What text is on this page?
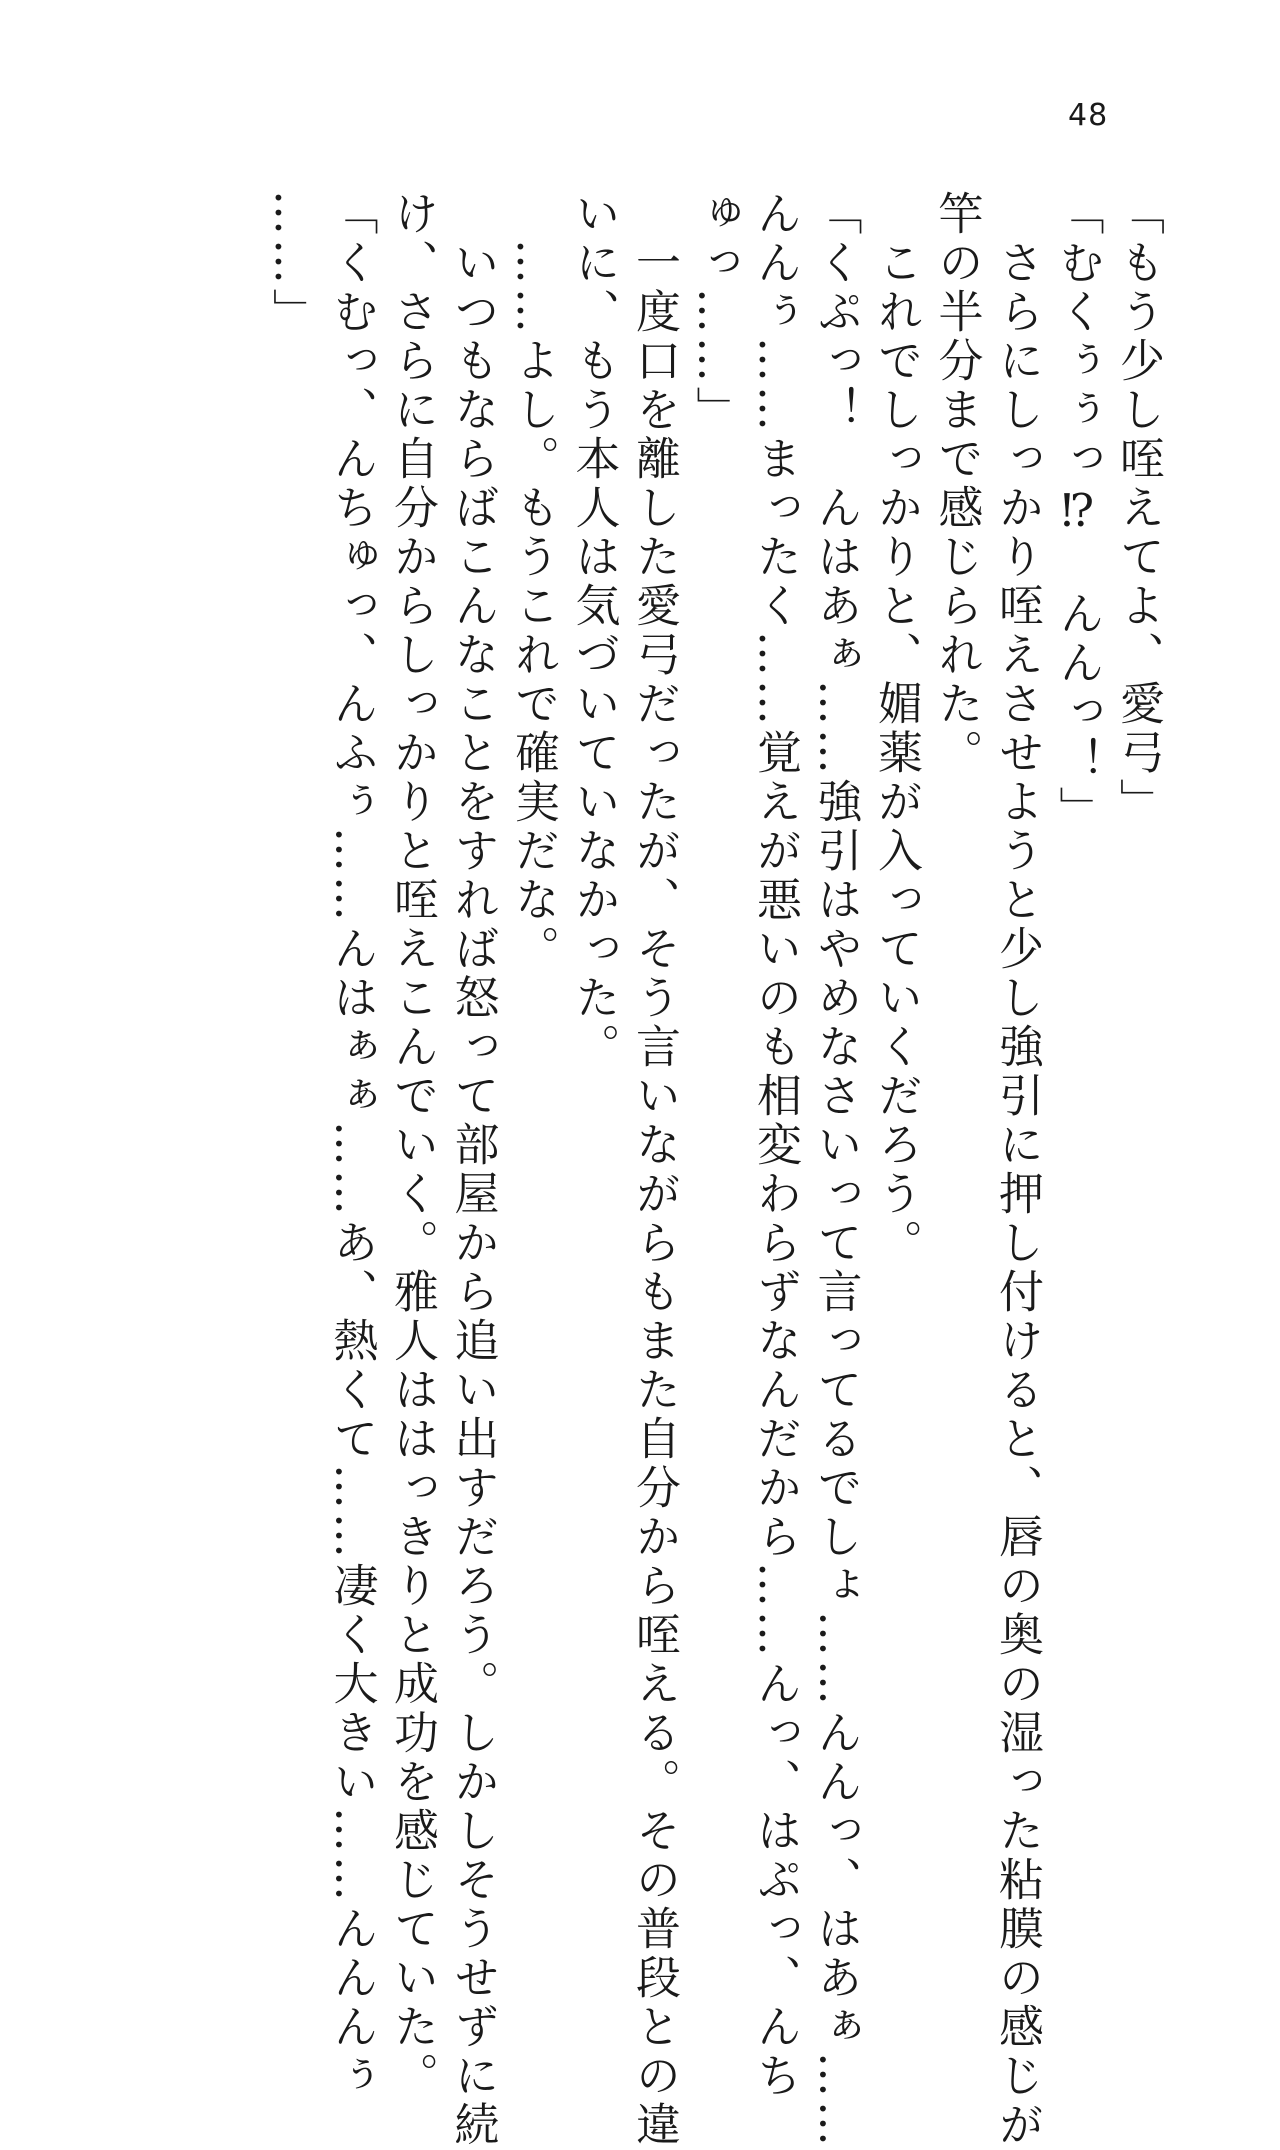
48
「もう少し咥えてよ、愛弓」
「むくぅぅっ⁉　んんっ！」
　さらにしっかり咥えさせようと少し強引に押し付けると、唇の奥の湿った粘膜の感じが
竿の半分まで感じられた。
　これでしっかりと、媚薬が入っていくだろう。
「くぷっ！　んはあぁ……強引はやめなさいって言ってるでしょ……んんっ、はあぁ……
んんぅ……まったく……覚えが悪いのも相変わらずなんだから……んっ、はぷっ、んち
ゅっ……」
　一度口を離した愛弓だったが、そう言いながらもまた自分から咥える。その普段との違
いに、もう本人は気づいていなかった。
　……よし。もうこれで確実だな。
　いつもならばこんなことをすれば怒って部屋から追い出すだろう。しかしそうせずに続
け、さらに自分からしっかりと咥えこんでいく。雅人ははっきりと成功を感じていた。
「くむっ、んちゅっ、んふぅ……んはぁぁ……あ、熱くて……凄く大きい……んんんぅ
……」
